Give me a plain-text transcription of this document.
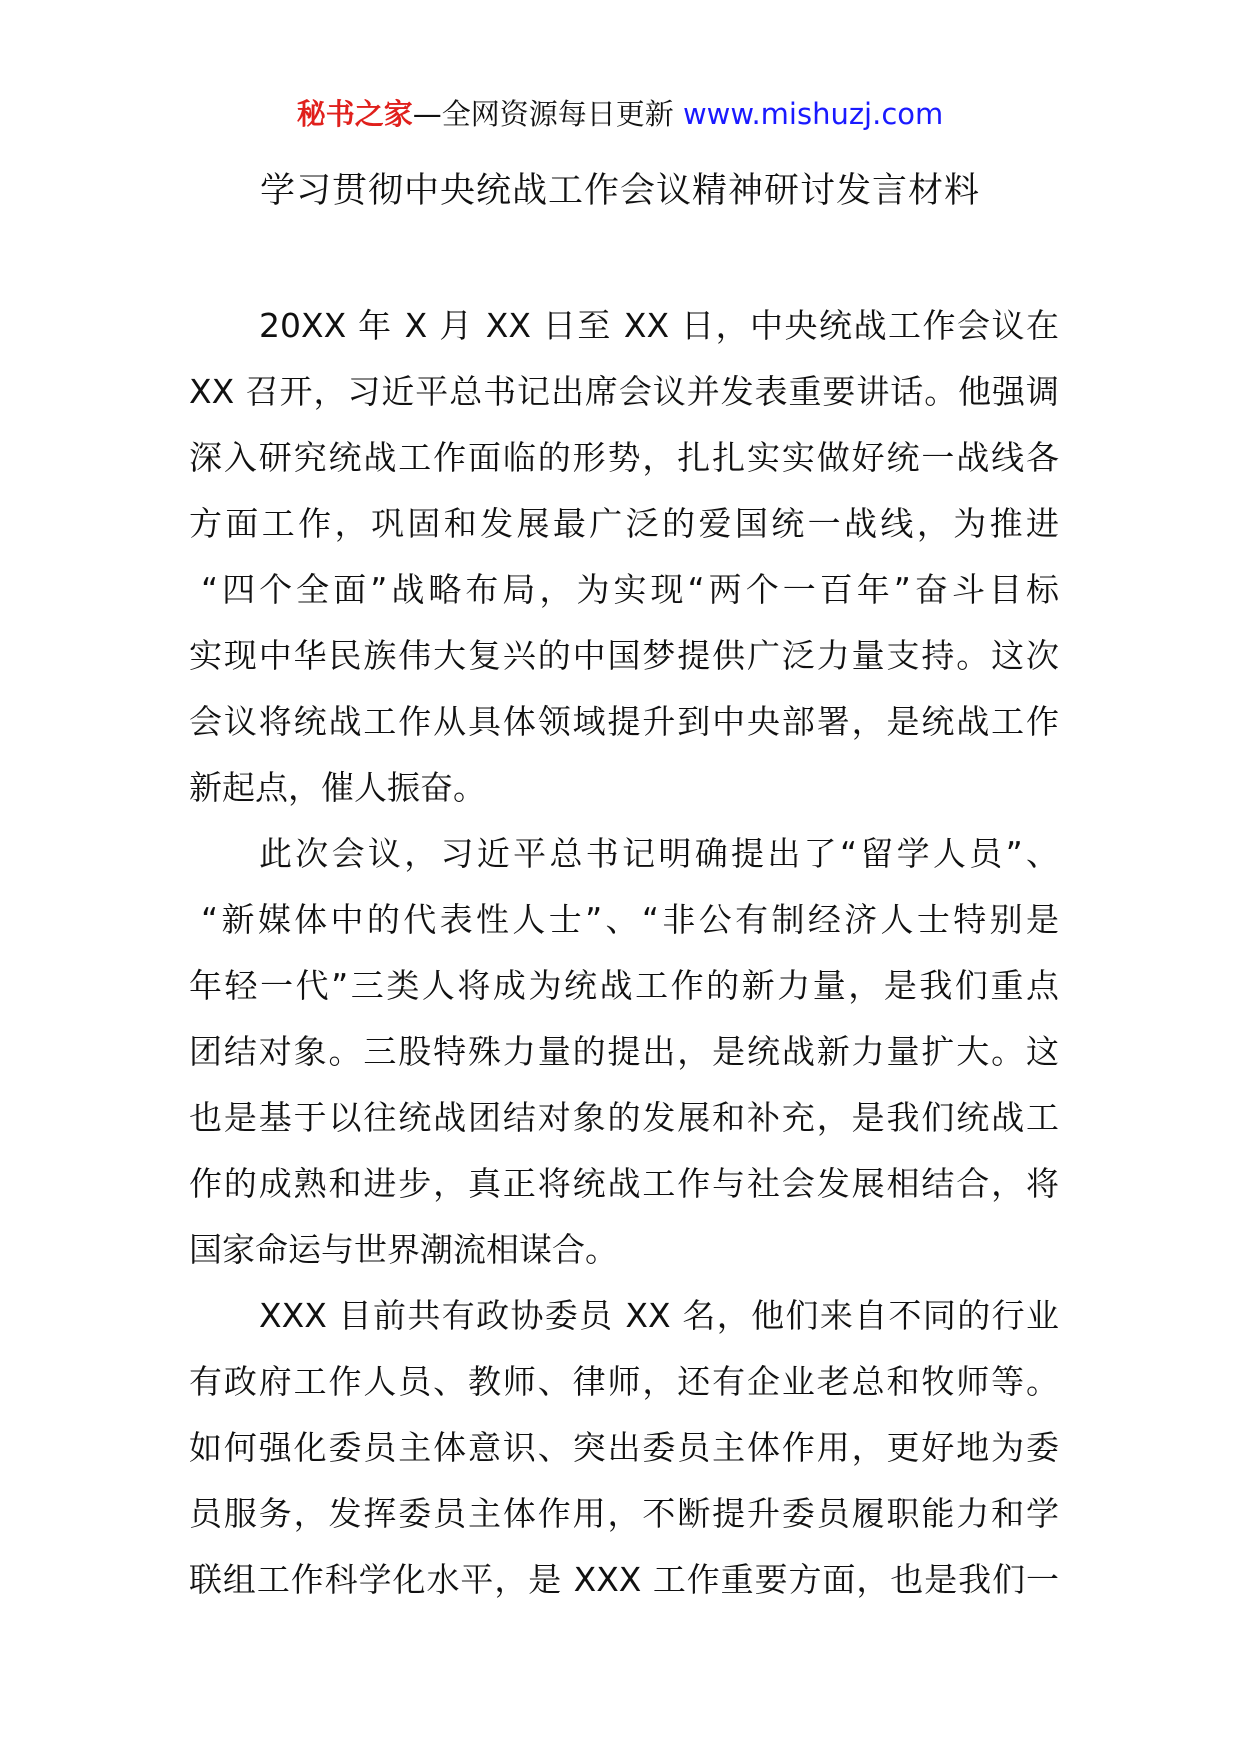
秘书之家—全网资源每日更新 www.mishuzj.com
学习贯彻中央统战工作会议精神研讨发言材料
20XX 年 X 月 XX 日至 XX 日，中央统战工作会议在
XX 召开，习近平总书记出席会议并发表重要讲话。他强调
深入研究统战工作面临的形势，扎扎实实做好统一战线各
方面工作，巩固和发展最广泛的爱国统一战线，为推进
“四个全面”战略布局，为实现“两个一百年”奋斗目标
实现中华民族伟大复兴的中国梦提供广泛力量支持。这次
会议将统战工作从具体领域提升到中央部署，是统战工作
新起点，催人振奋。
此次会议，习近平总书记明确提出了“留学人员”、
“新媒体中的代表性人士”、“非公有制经济人士特别是
年轻一代”三类人将成为统战工作的新力量，是我们重点
团结对象。三股特殊力量的提出，是统战新力量扩大。这
也是基于以往统战团结对象的发展和补充，是我们统战工
作的成熟和进步，真正将统战工作与社会发展相结合，将
国家命运与世界潮流相谋合。
XXX 目前共有政协委员 XX 名，他们来自不同的行业
有政府工作人员、教师、律师，还有企业老总和牧师等。
如何强化委员主体意识、突出委员主体作用，更好地为委
员服务，发挥委员主体作用，不断提升委员履职能力和学
联组工作科学化水平，是 XXX 工作重要方面，也是我们一
